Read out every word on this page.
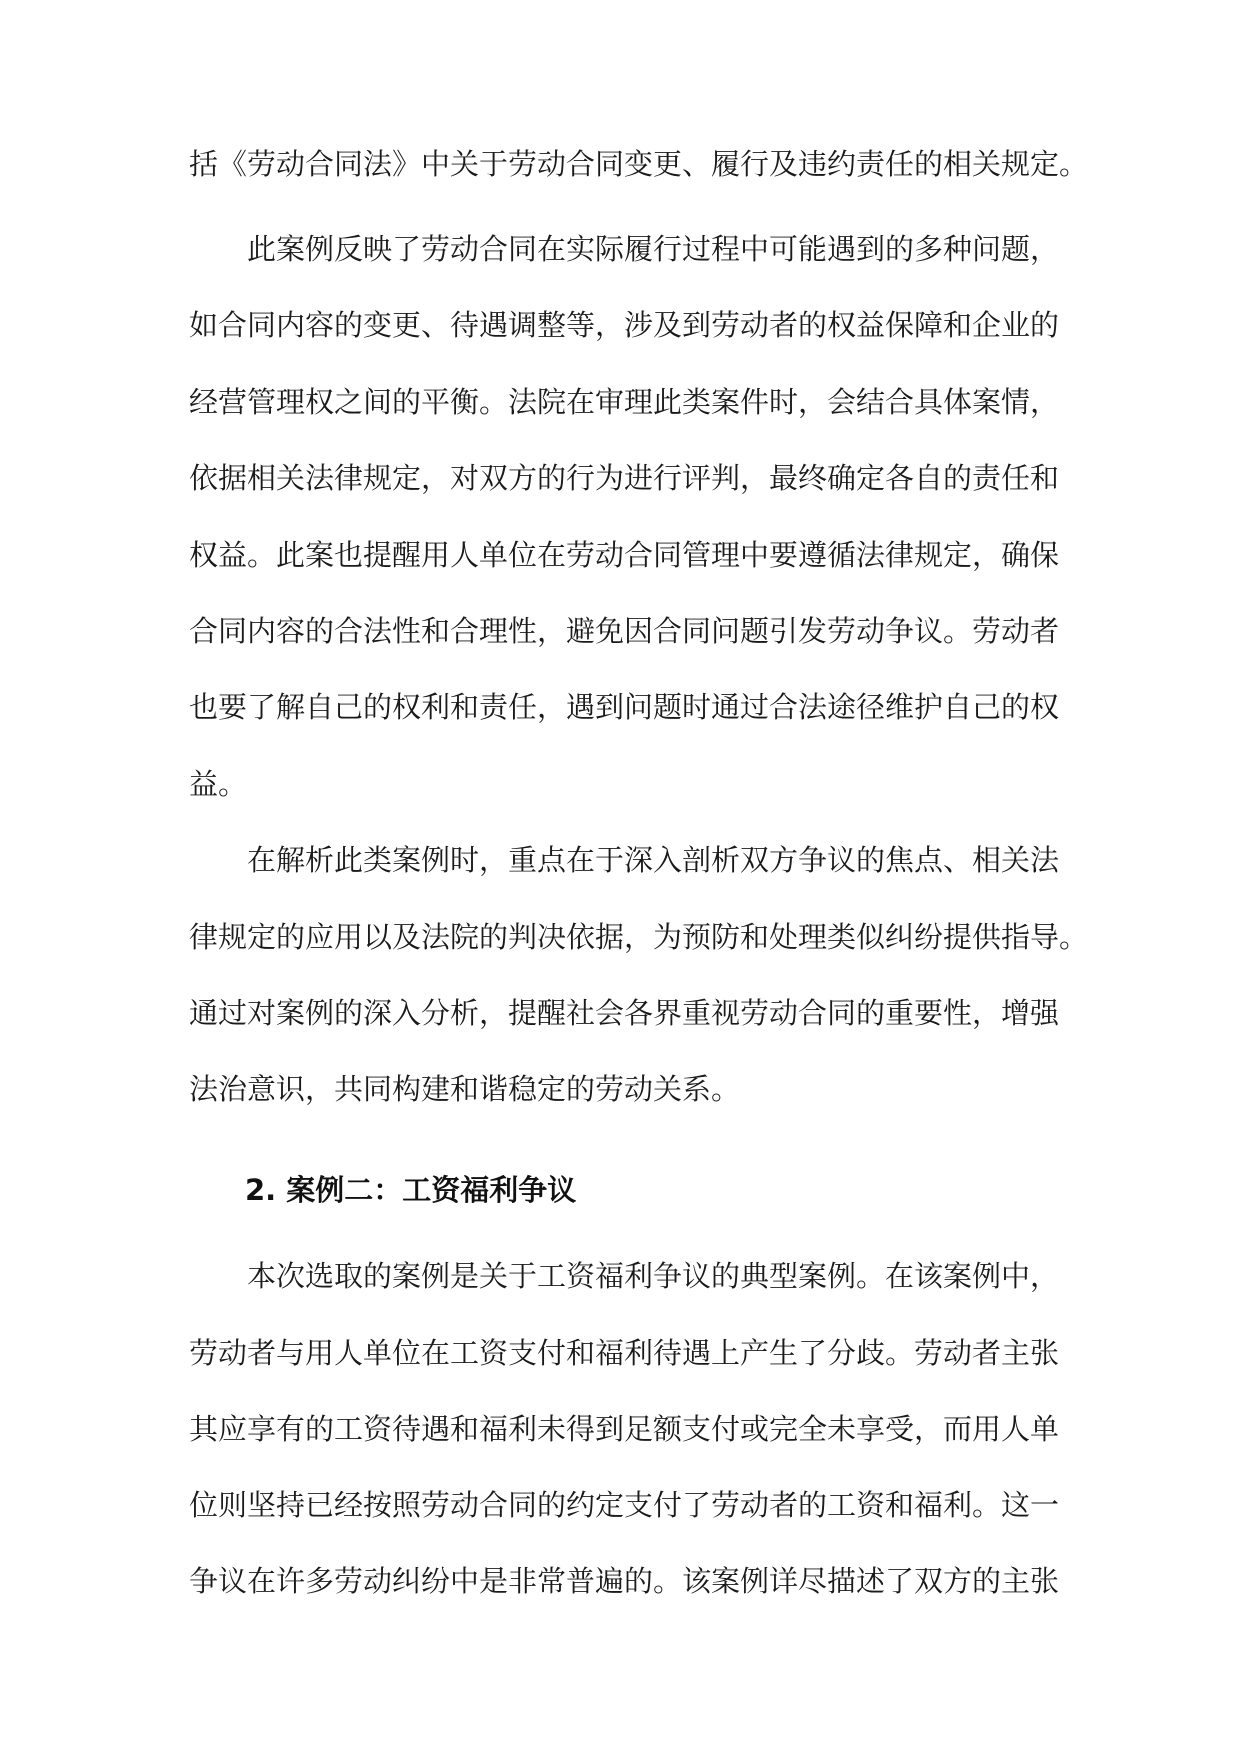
括《劳动合同法》中关于劳动合同变更、履行及违约责任的相关规定。
此案例反映了劳动合同在实际履行过程中可能遇到的多种问题，
如合同内容的变更、待遇调整等，涉及到劳动者的权益保障和企业的
经营管理权之间的平衡。法院在审理此类案件时，会结合具体案情，
依据相关法律规定，对双方的行为进行评判，最终确定各自的责任和
权益。此案也提醒用人单位在劳动合同管理中要遵循法律规定，确保
合同内容的合法性和合理性，避免因合同问题引发劳动争议。劳动者
也要了解自己的权利和责任，遇到问题时通过合法途径维护自己的权
益。
在解析此类案例时，重点在于深入剖析双方争议的焦点、相关法
律规定的应用以及法院的判决依据，为预防和处理类似纠纷提供指导。
通过对案例的深入分析，提醒社会各界重视劳动合同的重要性，增强
法治意识，共同构建和谐稳定的劳动关系。
2. 案例二：工资福利争议
本次选取的案例是关于工资福利争议的典型案例。在该案例中，
劳动者与用人单位在工资支付和福利待遇上产生了分歧。劳动者主张
其应享有的工资待遇和福利未得到足额支付或完全未享受，而用人单
位则坚持已经按照劳动合同的约定支付了劳动者的工资和福利。这一
争议在许多劳动纠纷中是非常普遍的。该案例详尽描述了双方的主张
